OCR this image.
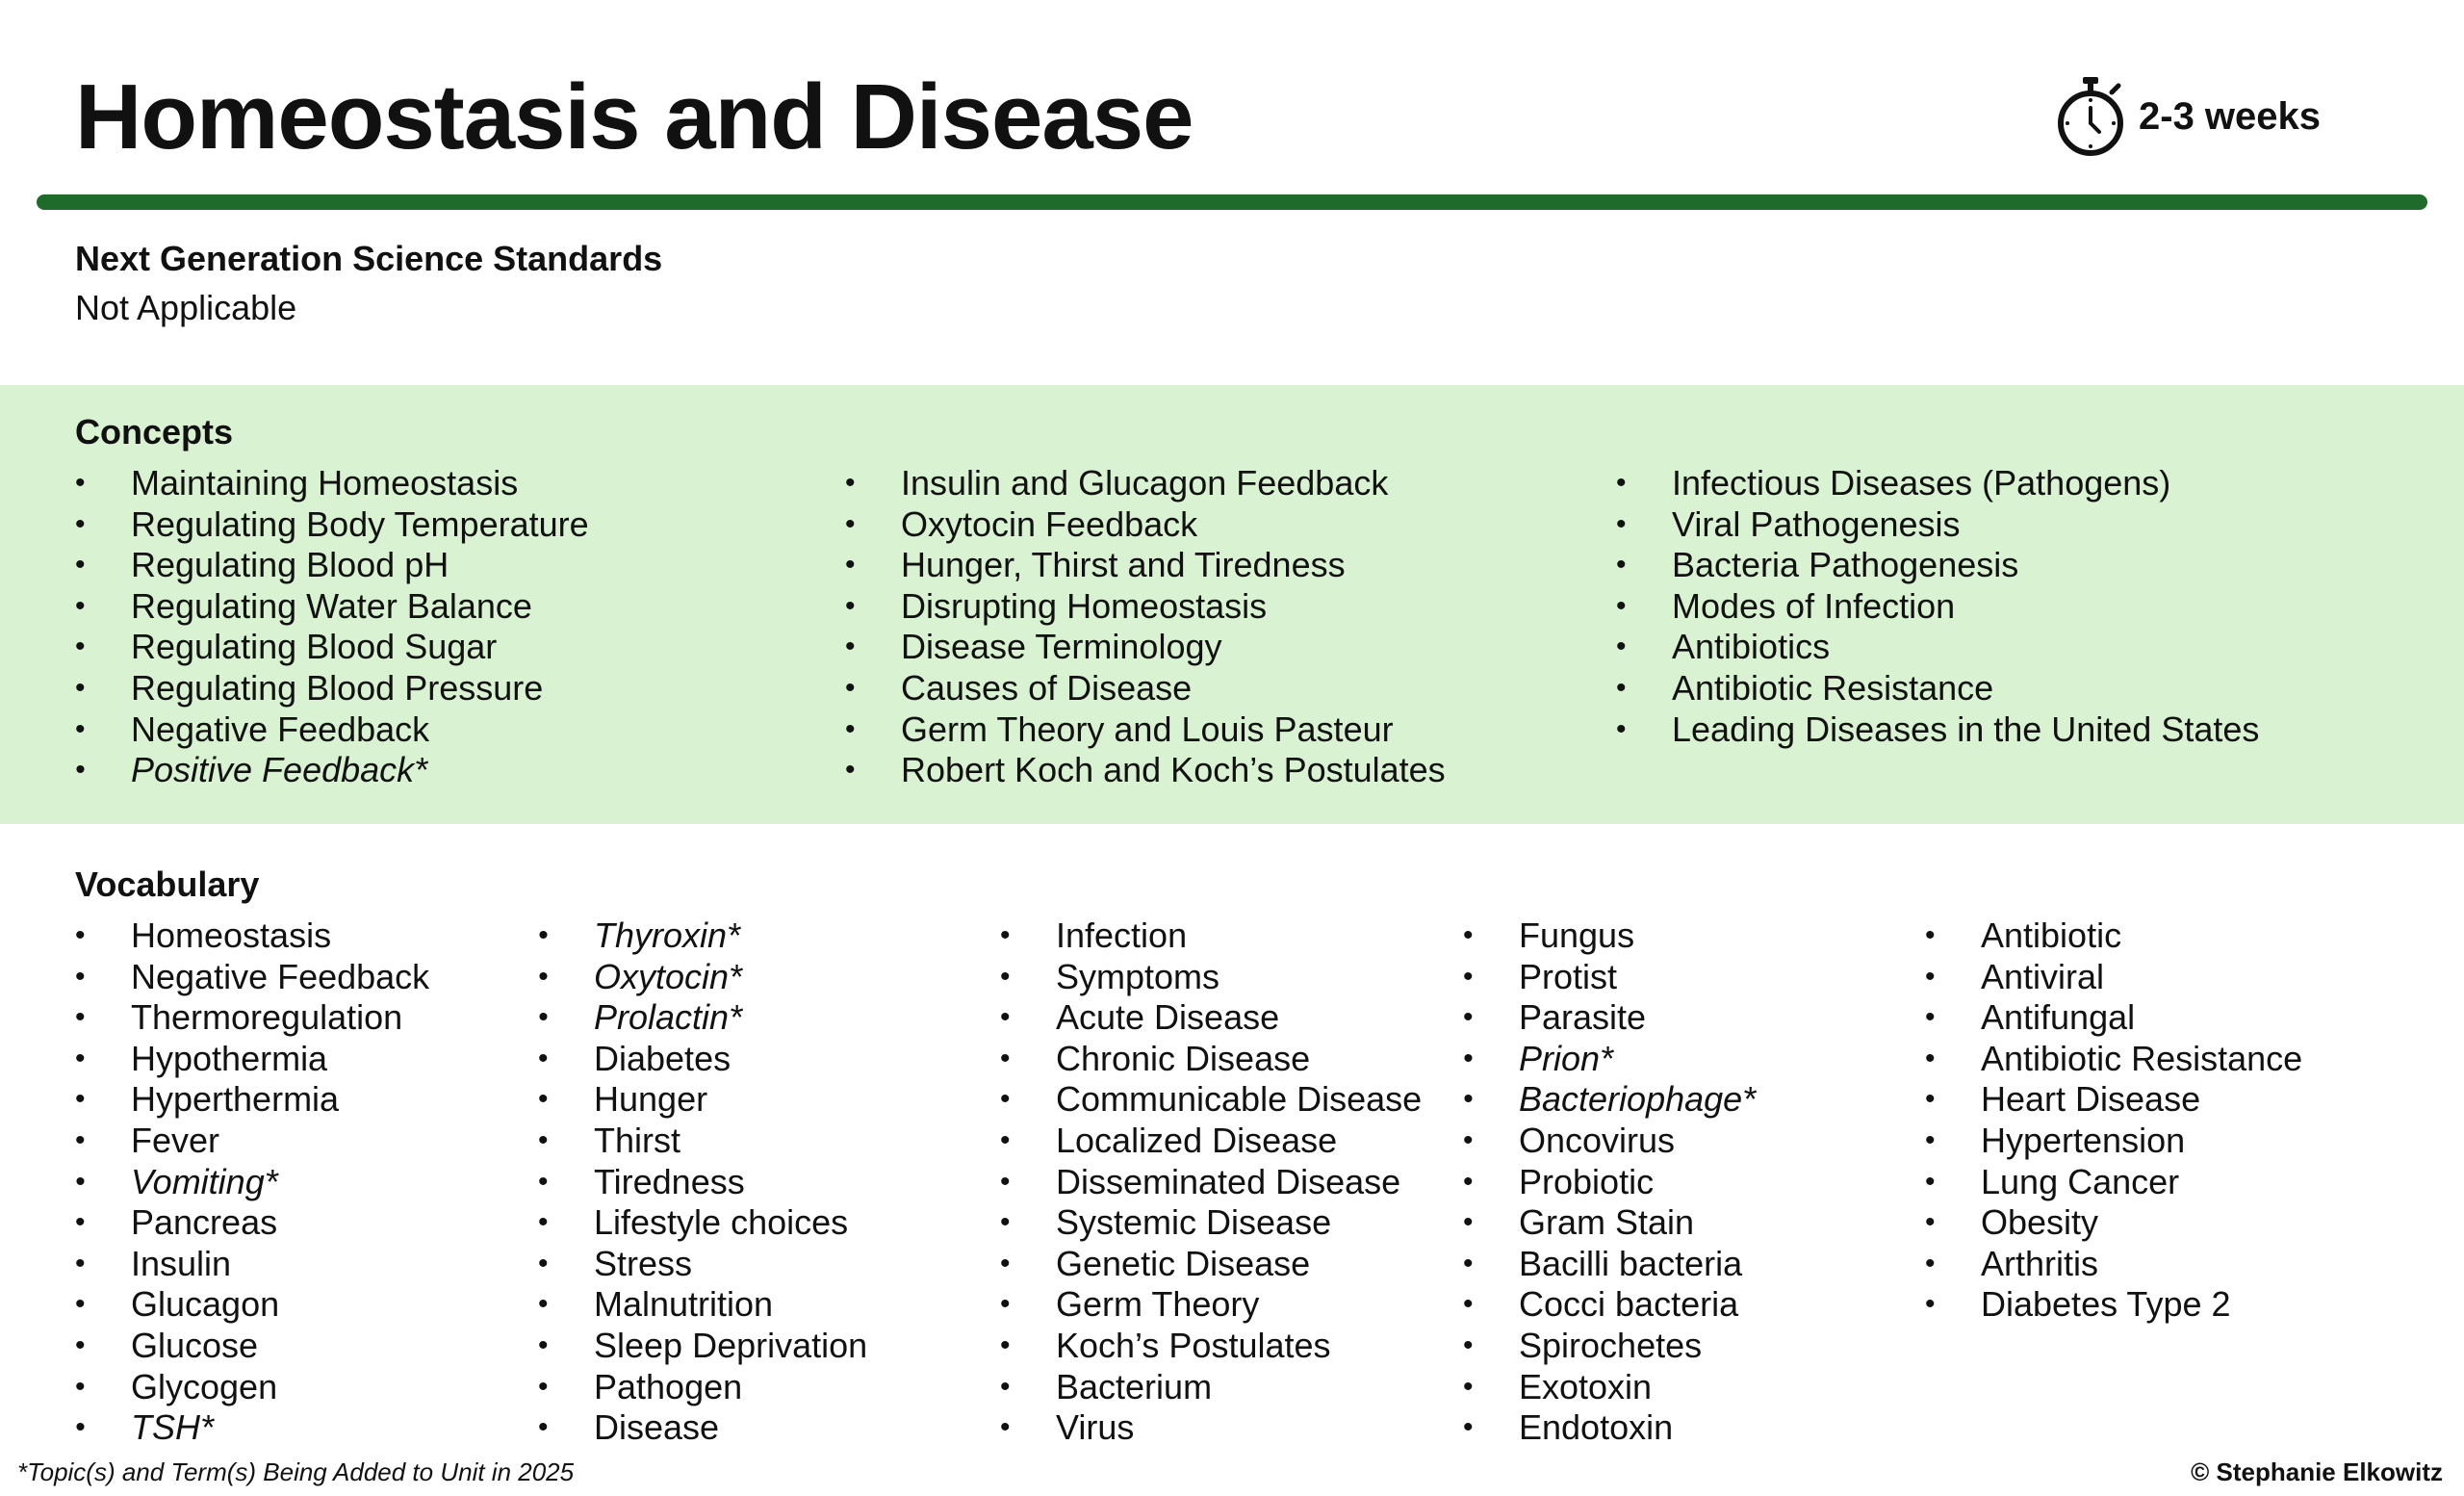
Homeostasis and Disease	2-3 weeks

Next Generation Science Standards

Not Applicable

Concepts

• Maintaining Homeostasis
• Regulating Body Temperature
• Regulating Blood pH
• Regulating Water Balance
• Regulating Blood Sugar
• Regulating Blood Pressure
• Negative Feedback
• Positive Feedback*
• Insulin and Glucagon Feedback
• Oxytocin Feedback
• Hunger, Thirst and Tiredness
• Disrupting Homeostasis
• Disease Terminology
• Causes of Disease
• Germ Theory and Louis Pasteur
• Robert Koch and Koch’s Postulates
• Infectious Diseases (Pathogens)
• Viral Pathogenesis
• Bacteria Pathogenesis
• Modes of Infection
• Antibiotics
• Antibiotic Resistance
• Leading Diseases in the United States

Vocabulary

• Homeostasis
• Negative Feedback
• Thermoregulation
• Hypothermia
• Hyperthermia
• Fever
• Vomiting*
• Pancreas
• Insulin
• Glucagon
• Glucose
• Glycogen
• TSH*
• Thyroxin*
• Oxytocin*
• Prolactin*
• Diabetes
• Hunger
• Thirst
• Tiredness
• Lifestyle choices
• Stress
• Malnutrition
• Sleep Deprivation
• Pathogen
• Disease
• Infection
• Symptoms
• Acute Disease
• Chronic Disease
• Communicable Disease
• Localized Disease
• Disseminated Disease
• Systemic Disease
• Genetic Disease
• Germ Theory
• Koch’s Postulates
• Bacterium
• Virus
• Fungus
• Protist
• Parasite
• Prion*
• Bacteriophage*
• Oncovirus
• Probiotic
• Gram Stain
• Bacilli bacteria
• Cocci bacteria
• Spirochetes
• Exotoxin
• Endotoxin
• Antibiotic
• Antiviral
• Antifungal
• Antibiotic Resistance
• Heart Disease
• Hypertension
• Lung Cancer
• Obesity
• Arthritis
• Diabetes Type 2
*Topic(s) and Term(s) Being Added to Unit in 2025	© Stephanie Elkowitz
